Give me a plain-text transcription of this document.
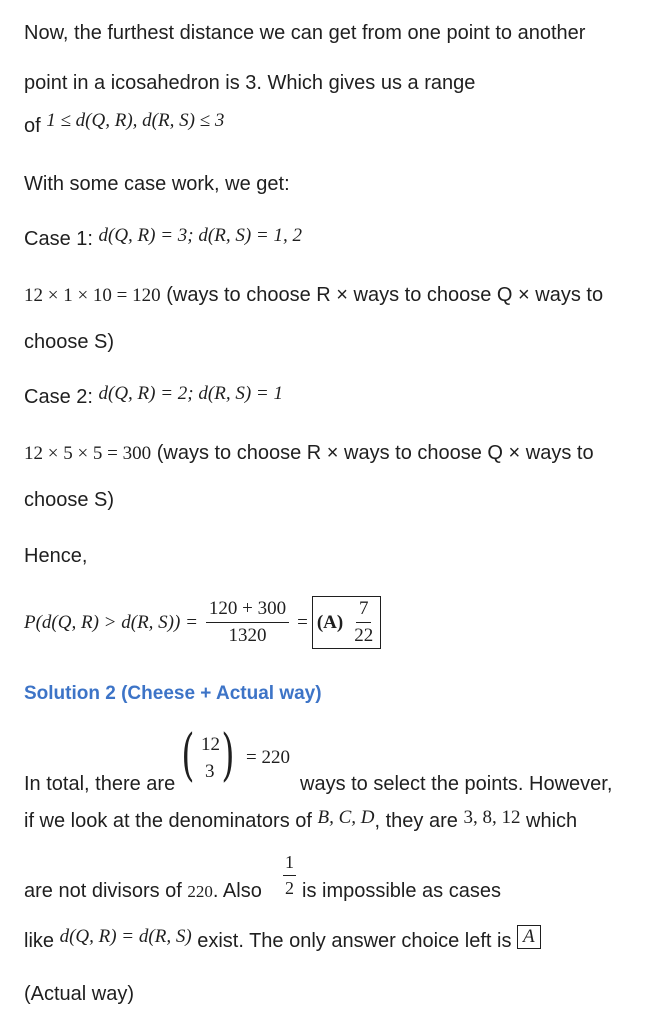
Now, the furthest distance we can get from one point to another
point in a icosahedron is 3. Which gives us a range
of 1 ≤ d(Q, R), d(R, S) ≤ 3
With some case work, we get:
Case 1: d(Q, R) = 3; d(R, S) = 1, 2
12 × 1 × 10 = 120 (ways to choose R × ways to choose Q × ways to
choose S)
Case 2: d(Q, R) = 2; d(R, S) = 1
12 × 5 × 5 = 300 (ways to choose R × ways to choose Q × ways to
choose S)
Hence,
P(d(Q, R) > d(R, $S)) = \frac{120 + 300}{1320} = (A) \frac{7}{22}$
Solution 2 (Cheese + Actual way)
( 12
3 ) = 220
In total, there are	ways to select the points. However,
if we look at the denominators of B, C, D, they are 3, 8, 12 which
$\frac{1}{2}$
are not divisors of 220. Also is impossible as cases
like d(Q, R) = d(R, S) exist. The only answer choice left is A
(Actual way)
